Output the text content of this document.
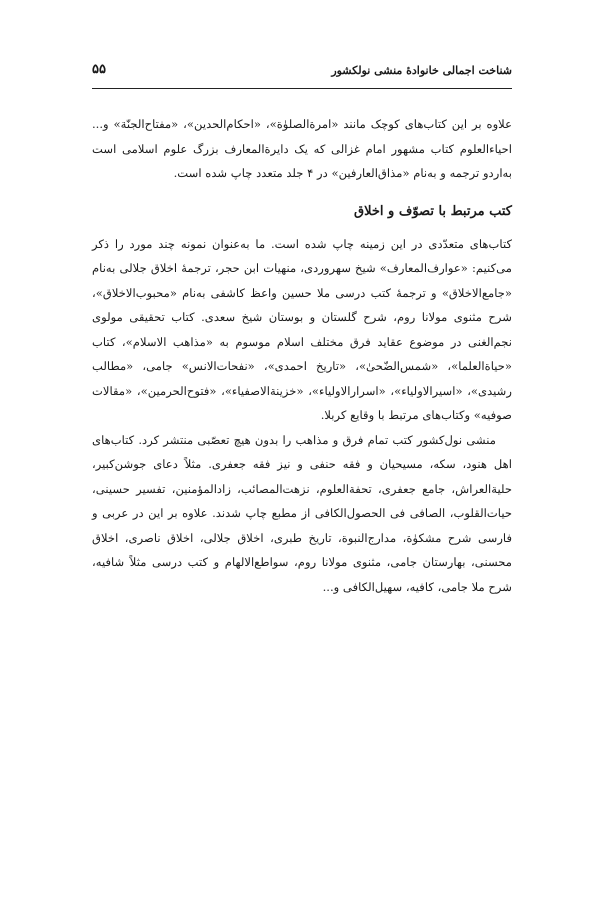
شناخت اجمالی خانوادهٔ منشی نولکشور
۵۵

علاوه بر این کتاب‌های کوچک مانند «امرةالصلوٰة»، «احکام‌الحدین»، «مفتاح‌الجنّة» و... احیاءالعلوم کتاب مشهور امام غزالی که یک دایرة‌المعارف بزرگ علوم اسلامی است به‌اردو ترجمه و به‌نام «مذاق‌العارفین» در ۴ جلد متعدد چاپ شده است.

کتب مرتبط با تصوّف و اخلاق

کتاب‌های متعدّدی در این زمینه چاپ شده است. ما به‌عنوان نمونه چند مورد را ذکر می‌کنیم: «عوارف‌المعارف» شیخ سهروردی، منهیات ابن حجر، ترجمهٔ اخلاق جلالی به‌نام «جامع‌الاخلاق» و ترجمهٔ کتب درسی ملا حسین واعظ کاشفی به‌نام «محبوب‌الاخلاق»، شرح مثنوی مولانا روم، شرح گلستان و بوستان شیخ سعدی. کتاب تحقیقی مولوی نجم‌الغنی در موضوع عقاید فرق مختلف اسلام موسوم به «مذاهب الاسلام»، کتاب «حیاة‌العلما»، «شمس‌الضّحیٰ»، «تاریخ احمدی»، «نفحات‌الانس» جامی، «مطالب رشیدی»، «اسیرالاولیاء»، «اسرارالاولیاء»، «خزینة‌الاصفیاء»، «فتوح‌الحرمین»، «مقالات صوفیه» وکتاب‌های مرتبط با وقایع کربلا.

منشی نول‌کشور کتب تمام فرق و مذاهب را بدون هیچ تعصّبی منتشر کرد. کتاب‌های اهل هنود، سکه، مسیحیان و فقه حنفی و نیز فقه جعفری. مثلاً دعای جوشن‌کبیر، حلیة‌العراش، جامع جعفری، تحفة‌العلوم، نزهت‌المصائب، زادالمؤمنین، تفسیر حسینی، حیات‌القلوب، الصافی فی الحصول‌الکافی از مطبع چاپ شدند. علاوه بر این در عربی و فارسی شرح مشکوٰة، مدارج‌النبوة، تاریخ طبری، اخلاق جلالی، اخلاق ناصری، اخلاق محسنی، بهارستان جامی، مثنوی مولانا روم، سواطع‌الالهام و کتب درسی مثلاً شافیه، شرح ملا جامی، کافیه، سهیل‌الکافی و...
